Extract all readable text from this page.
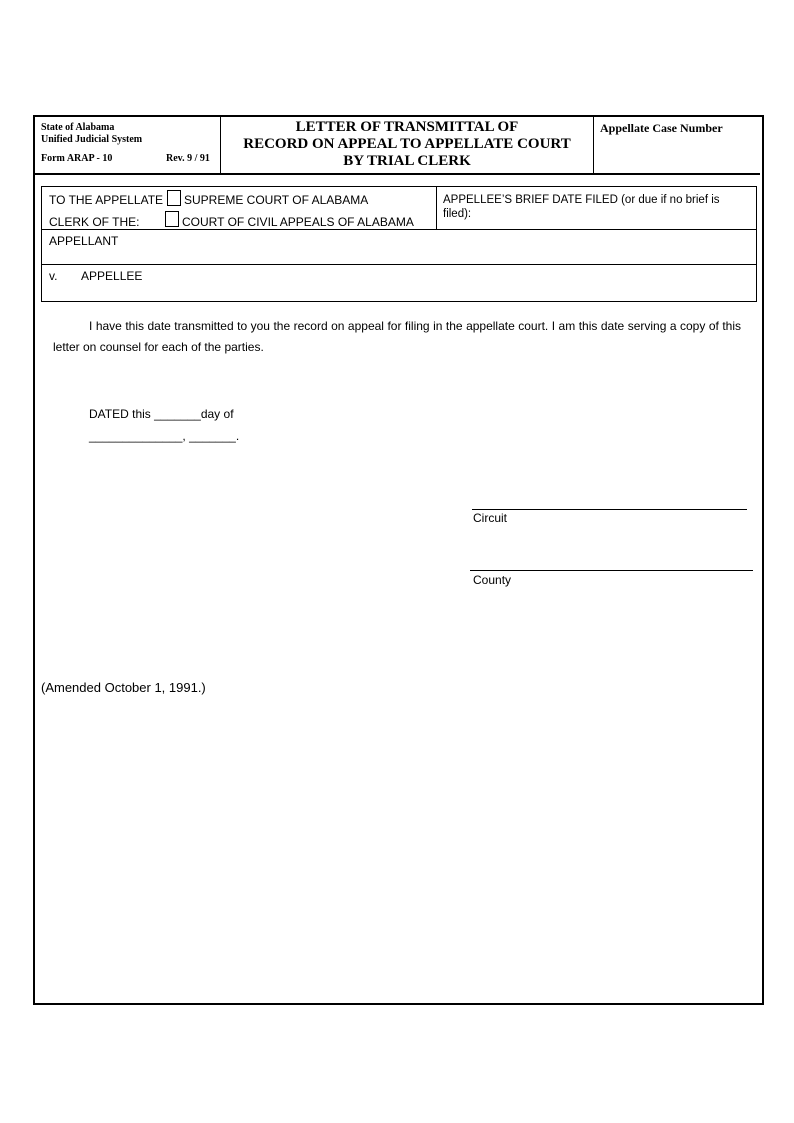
State of Alabama
Unified Judicial System
Form ARAP - 10	Rev. 9 / 91
LETTER OF TRANSMITTAL OF
RECORD ON APPEAL TO APPELLATE COURT
BY TRIAL CLERK
Appellate Case Number
TO THE APPELLATE SUPREME COURT OF ALABAMA
CLERK OF THE:	COURT OF CIVIL APPEALS OF ALABAMA
APPELLEE’S BRIEF DATE FILED (or due if no brief is filed):
APPELLANT
v. APPELLEE
I have this date transmitted to you the record on appeal for filing in the appellate court. I am this date serving a copy of this letter on counsel for each of the parties.
DATED this _______day of
______________, _______.
Circuit
County
(Amended October 1, 1991.)
